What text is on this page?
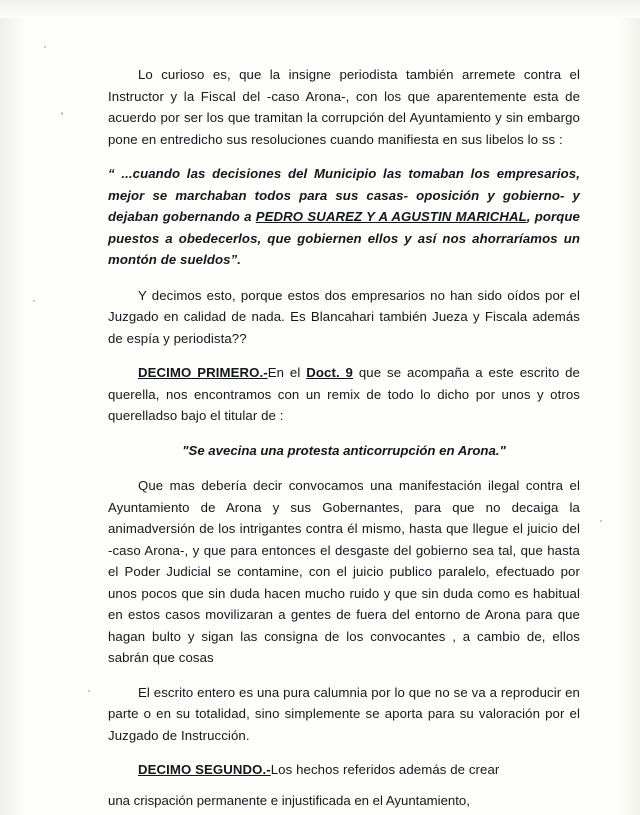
Lo curioso es, que la insigne periodista también arremete contra el Instructor y la Fiscal del -caso Arona-, con los que aparentemente esta de acuerdo por ser los que tramitan la corrupción del Ayuntamiento y sin embargo pone en entredicho sus resoluciones cuando manifiesta en sus libelos lo ss :

“ ...cuando las decisiones del Municipio las tomaban los empresarios, mejor se marchaban todos para sus casas- oposición y gobierno- y dejaban gobernando a PEDRO SUAREZ Y A AGUSTIN MARICHAL, porque puestos a obedecerlos, que gobiernen ellos y así nos ahorraríamos un montón de sueldos”.

Y decimos esto, porque estos dos empresarios no han sido oídos por el Juzgado en calidad de nada. Es Blancahari también Jueza y Fiscala además de espía y periodista??

DECIMO PRIMERO.-En el Doct. 9 que se acompaña a este escrito de querella, nos encontramos con un remix de todo lo dicho por unos y otros querelladso bajo el titular de :

"Se avecina una protesta anticorrupción en Arona."

Que mas debería decir convocamos una manifestación ilegal contra el Ayuntamiento de Arona y sus Gobernantes, para que no decaiga la animadversión de los intrigantes contra él mismo, hasta que llegue el juicio del -caso Arona-, y que para entonces el desgaste del gobierno sea tal, que hasta el Poder Judicial se contamine, con el juicio publico paralelo, efectuado por unos pocos que sin duda hacen mucho ruido y que sin duda como es habitual en estos casos movilizaran a gentes de fuera del entorno de Arona para que hagan bulto y sigan las consigna de los convocantes , a cambio de, ellos sabrán que cosas

El escrito entero es una pura calumnia por lo que no se va a reproducir en parte o en su totalidad, sino simplemente se aporta para su valoración por el Juzgado de Instrucción.

DECIMO SEGUNDO.-Los hechos referidos además de crear

una crispación permanente e injustificada en el Ayuntamiento,
